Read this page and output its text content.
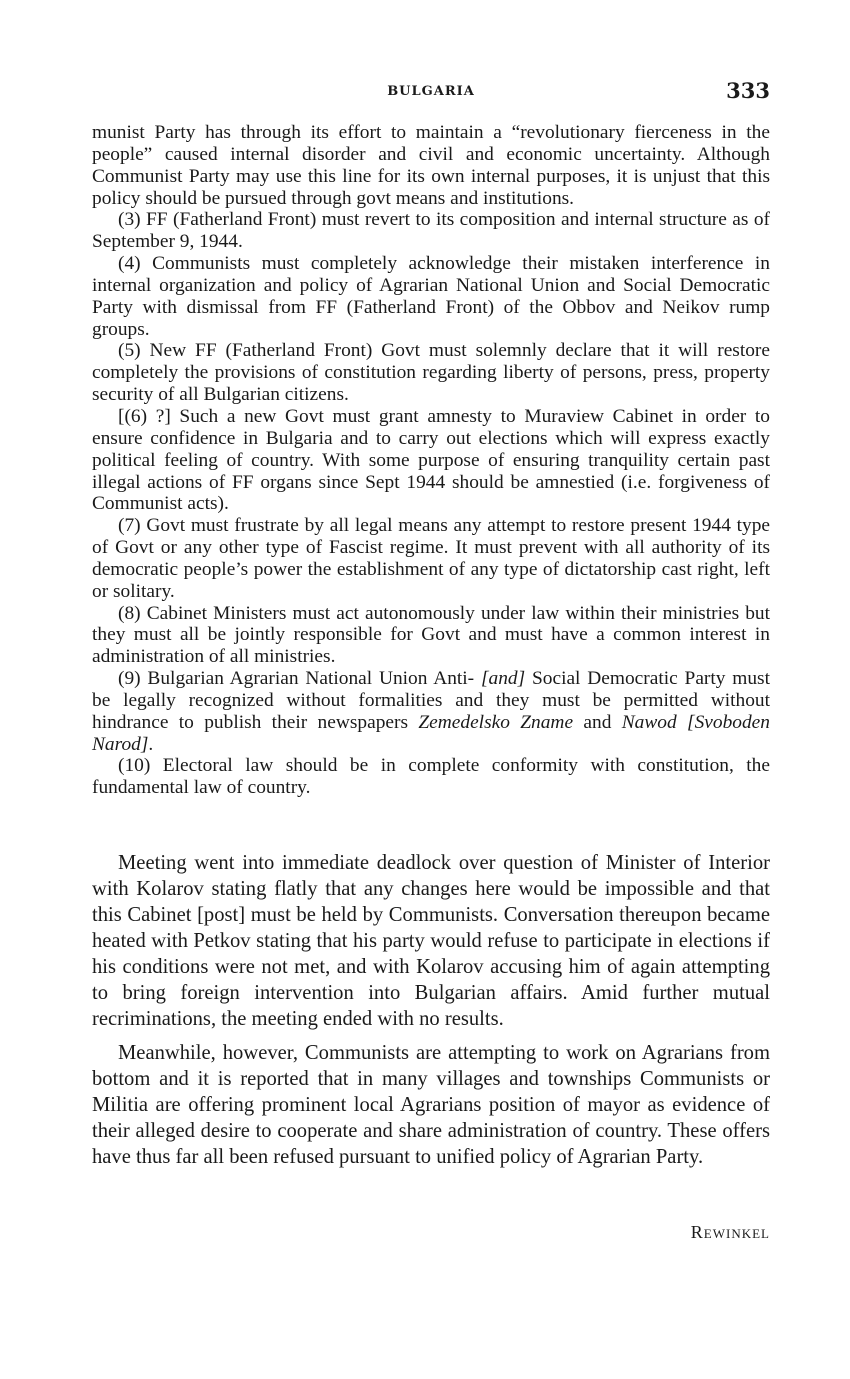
BULGARIA	333

munist Party has through its effort to maintain a “revolutionary fierceness in the people” caused internal disorder and civil and economic uncertainty. Although Communist Party may use this line for its own internal purposes, it is unjust that this policy should be pursued through govt means and institutions.

(3) FF (Fatherland Front) must revert to its composition and internal structure as of September 9, 1944.

(4) Communists must completely acknowledge their mistaken interference in internal organization and policy of Agrarian National Union and Social Democratic Party with dismissal from FF (Fatherland Front) of the Obbov and Neikov rump groups.

(5) New FF (Fatherland Front) Govt must solemnly declare that it will restore completely the provisions of constitution regarding liberty of persons, press, property security of all Bulgarian citizens.

[(6) ?] Such a new Govt must grant amnesty to Muraview Cabinet in order to ensure confidence in Bulgaria and to carry out elections which will express exactly political feeling of country. With some purpose of ensuring tranquility certain past illegal actions of FF organs since Sept 1944 should be amnestied (i.e. forgiveness of Communist acts).

(7) Govt must frustrate by all legal means any attempt to restore present 1944 type of Govt or any other type of Fascist regime. It must prevent with all authority of its democratic people’s power the establishment of any type of dictatorship cast right, left or solitary.

(8) Cabinet Ministers must act autonomously under law within their ministries but they must all be jointly responsible for Govt and must have a common interest in administration of all ministries.

(9) Bulgarian Agrarian National Union Anti- [and] Social Democratic Party must be legally recognized without formalities and they must be permitted without hindrance to publish their newspapers Zemedelsko Zname and Nawod [Svoboden Narod].

(10) Electoral law should be in complete conformity with constitution, the fundamental law of country.

Meeting went into immediate deadlock over question of Minister of Interior with Kolarov stating flatly that any changes here would be impossible and that this Cabinet [post] must be held by Communists. Conversation thereupon became heated with Petkov stating that his party would refuse to participate in elections if his conditions were not met, and with Kolarov accusing him of again attempting to bring foreign intervention into Bulgarian affairs. Amid further mutual recriminations, the meeting ended with no results.

Meanwhile, however, Communists are attempting to work on Agrarians from bottom and it is reported that in many villages and townships Communists or Militia are offering prominent local Agrarians position of mayor as evidence of their alleged desire to cooperate and share administration of country. These offers have thus far all been refused pursuant to unified policy of Agrarian Party.

Rewinkel
